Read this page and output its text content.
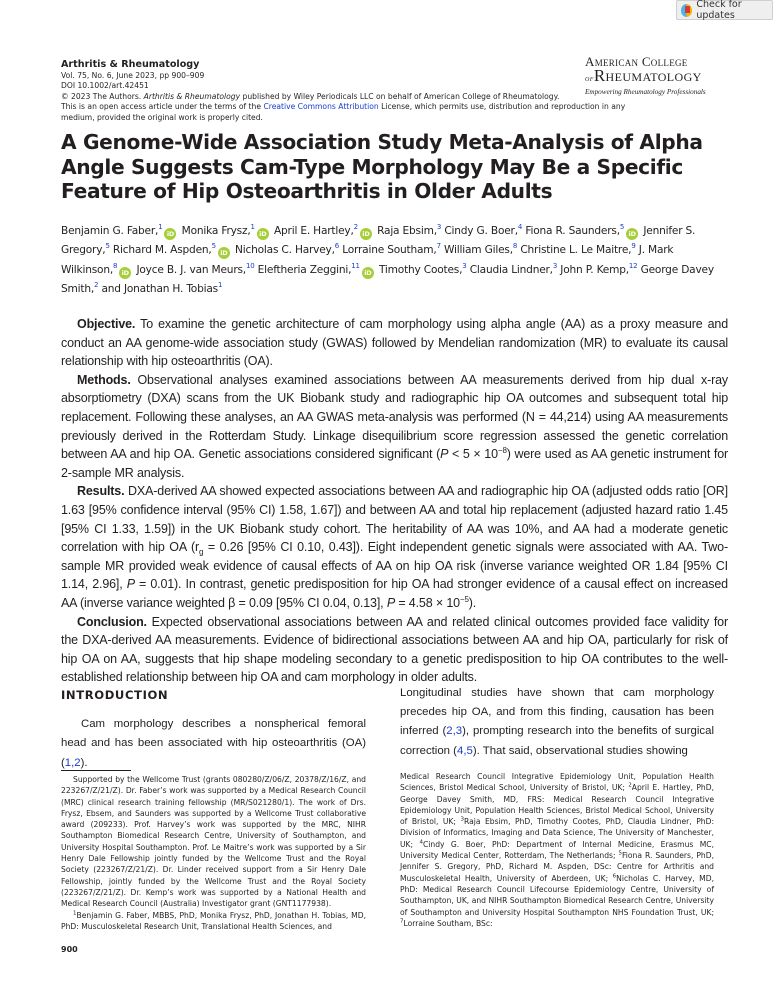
Check for updates
Arthritis & Rheumatology
Vol. 75, No. 6, June 2023, pp 900–909
DOI 10.1002/art.42451
© 2023 The Authors. Arthritis & Rheumatology published by Wiley Periodicals LLC on behalf of American College of Rheumatology.
This is an open access article under the terms of the Creative Commons Attribution License, which permits use, distribution and reproduction in any
medium, provided the original work is properly cited.
American College
ofRheumatology
Empowering Rheumatology Professionals
A Genome-Wide Association Study Meta-Analysis of Alpha Angle Suggests Cam-Type Morphology May Be a Specific Feature of Hip Osteoarthritis in Older Adults
Benjamin G. Faber,$^1$iD Monika Frysz,$^1$iD April E. Hartley,$^2$iD Raja Ebsim,$^3$ Cindy G. Boer,$^4$ Fiona R. Saunders,$^5$iD Jennifer S. Gregory,$^5$ Richard M. Aspden,$^5$iD Nicholas C. Harvey,$^6$ Lorraine Southam,$^7$ William Giles,$^8$ Christine L. Le Maitre,$^9$ J. Mark Wilkinson,$^8$iD Joyce B. J. van Meurs,$^{10}$ Eleftheria Zeggini,$^{11}$iD Timothy Cootes,$^3$ Claudia Lindner,$^3$ John P. Kemp,$^{12}$ George Davey Smith,$^2$ and Jonathan H. Tobias$^1$

Objective. To examine the genetic architecture of cam morphology using alpha angle (AA) as a proxy measure and conduct an AA genome-wide association study (GWAS) followed by Mendelian randomization (MR) to evaluate its causal relationship with hip osteoarthritis (OA).

Methods. Observational analyses examined associations between AA measurements derived from hip dual x-ray absorptiometry (DXA) scans from the UK Biobank study and radiographic hip OA outcomes and subsequent total hip replacement. Following these analyses, an AA GWAS meta-analysis was performed (N = 44,214) using AA measurements previously derived in the Rotterdam Study. Linkage disequilibrium score regression assessed the genetic correlation between AA and hip OA. Genetic associations considered significant $(P < 5 \times 10^{-8})$ were used as AA genetic instrument for 2-sample MR analysis.

Results. DXA-derived AA showed expected associations between AA and radiographic hip OA (adjusted odds ratio [OR] 1.63 [95% confidence interval (95% CI) 1.58, 1.67]) and between AA and total hip replacement (adjusted hazard ratio 1.45 [95% CI 1.33, 1.59]) in the UK Biobank study cohort. The heritability of AA was 10%, and AA had a moderate genetic correlation with hip OA ($r_g = 0.26$ [95% CI 0.10, 0.43]). Eight independent genetic signals were associated with AA. Two-sample MR provided weak evidence of causal effects of AA on hip OA risk (inverse variance weighted OR 1.84 [95% CI 1.14, 2.96], P = 0.01). In contrast, genetic predisposition for hip OA had stronger evidence of a causal effect on increased AA (inverse variance weighted β = 0.09 [95% CI 0.04, 0.13], $P = 4.58 \times 10^{-5}$).

Conclusion. Expected observational associations between AA and related clinical outcomes provided face validity for the DXA-derived AA measurements. Evidence of bidirectional associations between AA and hip OA, particularly for risk of hip OA on AA, suggests that hip shape modeling secondary to a genetic predisposition to hip OA contributes to the well-established relationship between hip OA and cam morphology in older adults.

INTRODUCTION

Cam morphology describes a nonspherical femoral head and has been associated with hip osteoarthritis (OA) (1,2).

Longitudinal studies have shown that cam morphology precedes hip OA, and from this finding, causation has been inferred (2,3), prompting research into the benefits of surgical correction (4,5). That said, observational studies showing

Supported by the Wellcome Trust (grants 080280/Z/06/Z, 20378/Z/16/Z, and 223267/Z/21/Z). Dr. Faber’s work was supported by a Medical Research Council (MRC) clinical research training fellowship (MR/S021280/1). The work of Drs. Frysz, Ebsem, and Saunders was supported by a Wellcome Trust collaborative award (209233). Prof. Harvey’s work was supported by the MRC, NIHR Southampton Biomedical Research Centre, University of Southampton, and University Hospital Southampton. Prof. Le Maitre’s work was supported by a Sir Henry Dale Fellowship jointly funded by the Wellcome Trust and the Royal Society (223267/Z/21/Z). Dr. Linder received support from a Sir Henry Dale Fellowship, jointly funded by the Wellcome Trust and the Royal Society (223267/Z/21/Z). Dr. Kemp’s work was supported by a National Health and Medical Research Council (Australia) Investigator grant (GNT1177938).

$^1$Benjamin G. Faber, MBBS, PhD, Monika Frysz, PhD, Jonathan H. Tobias, MD, PhD: Musculoskeletal Research Unit, Translational Health Sciences, and

Medical Research Council Integrative Epidemiology Unit, Population Health Sciences, Bristol Medical School, University of Bristol, UK; $^2$April E. Hartley, PhD, George Davey Smith, MD, FRS: Medical Research Council Integrative Epidemiology Unit, Population Health Sciences, Bristol Medical School, University of Bristol, UK; $^3$Raja Ebsim, PhD, Timothy Cootes, PhD, Claudia Lindner, PhD: Division of Informatics, Imaging and Data Science, The University of Manchester, UK; $^4$Cindy G. Boer, PhD: Department of Internal Medicine, Erasmus MC, University Medical Center, Rotterdam, The Netherlands; $^5$Fiona R. Saunders, PhD, Jennifer S. Gregory, PhD, Richard M. Aspden, DSc: Centre for Arthritis and Musculoskeletal Health, University of Aberdeen, UK; $^6$Nicholas C. Harvey, MD, PhD: Medical Research Council Lifecourse Epidemiology Centre, University of Southampton, UK, and NIHR Southampton Biomedical Research Centre, University of Southampton and University Hospital Southampton NHS Foundation Trust, UK; $^7$Lorraine Southam, BSc:

900
